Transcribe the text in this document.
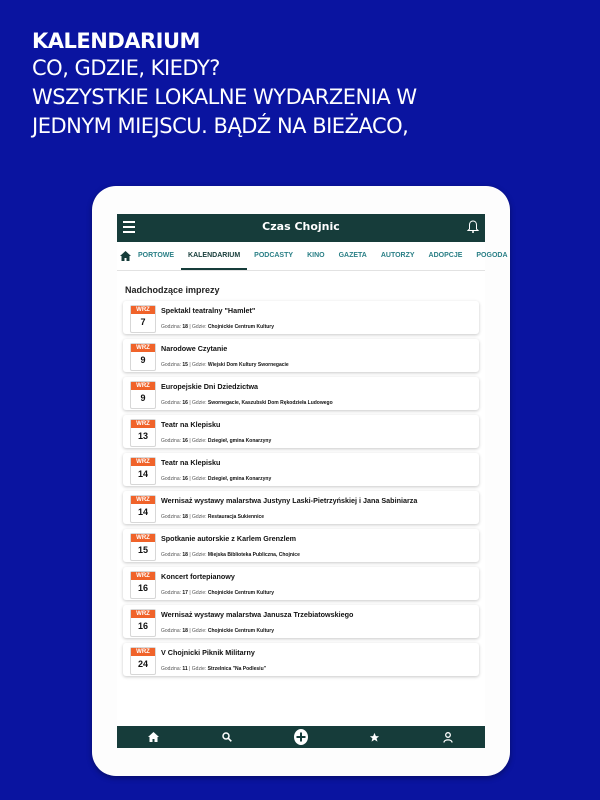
KALENDARIUM
CO, GDZIE, KIEDY?
WSZYSTKIE LOKALNE WYDARZENIA W
JEDNYM MIEJSCU. BĄDŹ NA BIEŻACO,
Czas Chojnic
PORTOWE	KALENDARIUM	PODCASTY	KINO	GAZETA	AUTORZY	ADOPCJE	POGODA
Nadchodzące imprezy
WRZ
7
Spektakl teatralny "Hamlet"
Godzina: 18 | Gdzie: Chojnickie Centrum Kultury
WRZ
9
Narodowe Czytanie
Godzina: 15 | Gdzie: Wiejski Dom Kultury Swornegacie
WRZ
9
Europejskie Dni Dziedzictwa
Godzina: 16 | Gdzie: Swornegacie, Kaszubski Dom Rękodzieła Ludowego
WRZ
13
Teatr na Klepisku
Godzina: 16 | Gdzie: Dziegieł, gmina Konarzyny
WRZ
14
Teatr na Klepisku
Godzina: 16 | Gdzie: Dziegieł, gmina Konarzyny
WRZ
14
Wernisaż wystawy malarstwa Justyny Laski-Pietrzyńskiej i Jana Sabiniarza
Godzina: 18 | Gdzie: Restauracja Sukiennice
WRZ
15
Spotkanie autorskie z Karlem Grenzlem
Godzina: 18 | Gdzie: Miejska Biblioteka Publiczna, Chojnice
WRZ
16
Koncert fortepianowy
Godzina: 17 | Gdzie: Chojnickie Centrum Kultury
WRZ
16
Wernisaż wystawy malarstwa Janusza Trzebiatowskiego
Godzina: 18 | Gdzie: Chojnickie Centrum Kultury
WRZ
24
V Chojnicki Piknik Militarny
Godzina: 11 | Gdzie: Strzelnica "Na Podlesiu"
